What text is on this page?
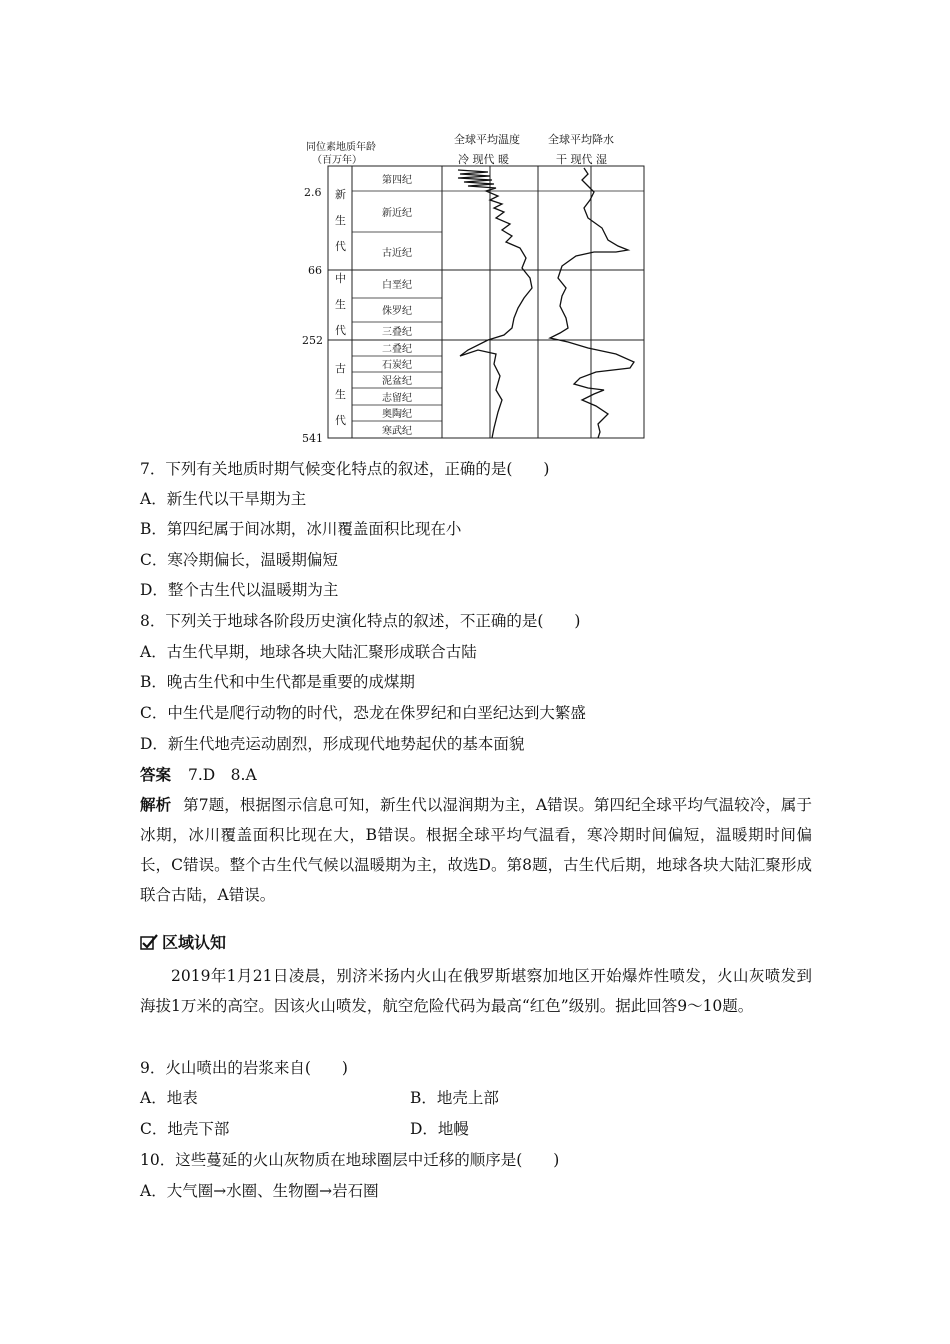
同位素地质年龄
（百万年）
全球平均温度
冷 现代 暖
全球平均降水
干 现代 湿
2.6
66
252
541
新
生
代
中
生
代
古
生
代
第四纪
新近纪
古近纪
白垩纪
侏罗纪
三叠纪
二叠纪
石炭纪
泥盆纪
志留纪
奥陶纪
寒武纪
7．下列有关地质时期气候变化特点的叙述，正确的是(　　)
A．新生代以干旱期为主
B．第四纪属于间冰期，冰川覆盖面积比现在小
C．寒冷期偏长，温暖期偏短
D．整个古生代以温暖期为主
8．下列关于地球各阶段历史演化特点的叙述，不正确的是(　　)
A．古生代早期，地球各块大陆汇聚形成联合古陆
B．晚古生代和中生代都是重要的成煤期
C．中生代是爬行动物的时代，恐龙在侏罗纪和白垩纪达到大繁盛
D．新生代地壳运动剧烈，形成现代地势起伏的基本面貌
答案 7.D　8.A
解析 第7题，根据图示信息可知，新生代以湿润期为主，A错误。第四纪全球平均气温较冷，属于冰期，冰川覆盖面积比现在大，B错误。根据全球平均气温看，寒冷期时间偏短，温暖期时间偏长，C错误。整个古生代气候以温暖期为主，故选D。第8题，古生代后期，地球各块大陆汇聚形成联合古陆，A错误。
区域认知
2019年1月21日凌晨，别济米扬内火山在俄罗斯堪察加地区开始爆炸性喷发，火山灰喷发到海拔1万米的高空。因该火山喷发，航空危险代码为最高“红色”级别。据此回答9～10题。
9．火山喷出的岩浆来自(　　)
A．地表	B．地壳上部
C．地壳下部	D．地幔
10．这些蔓延的火山灰物质在地球圈层中迁移的顺序是(　　)
A．大气圈→水圈、生物圈→岩石圈
